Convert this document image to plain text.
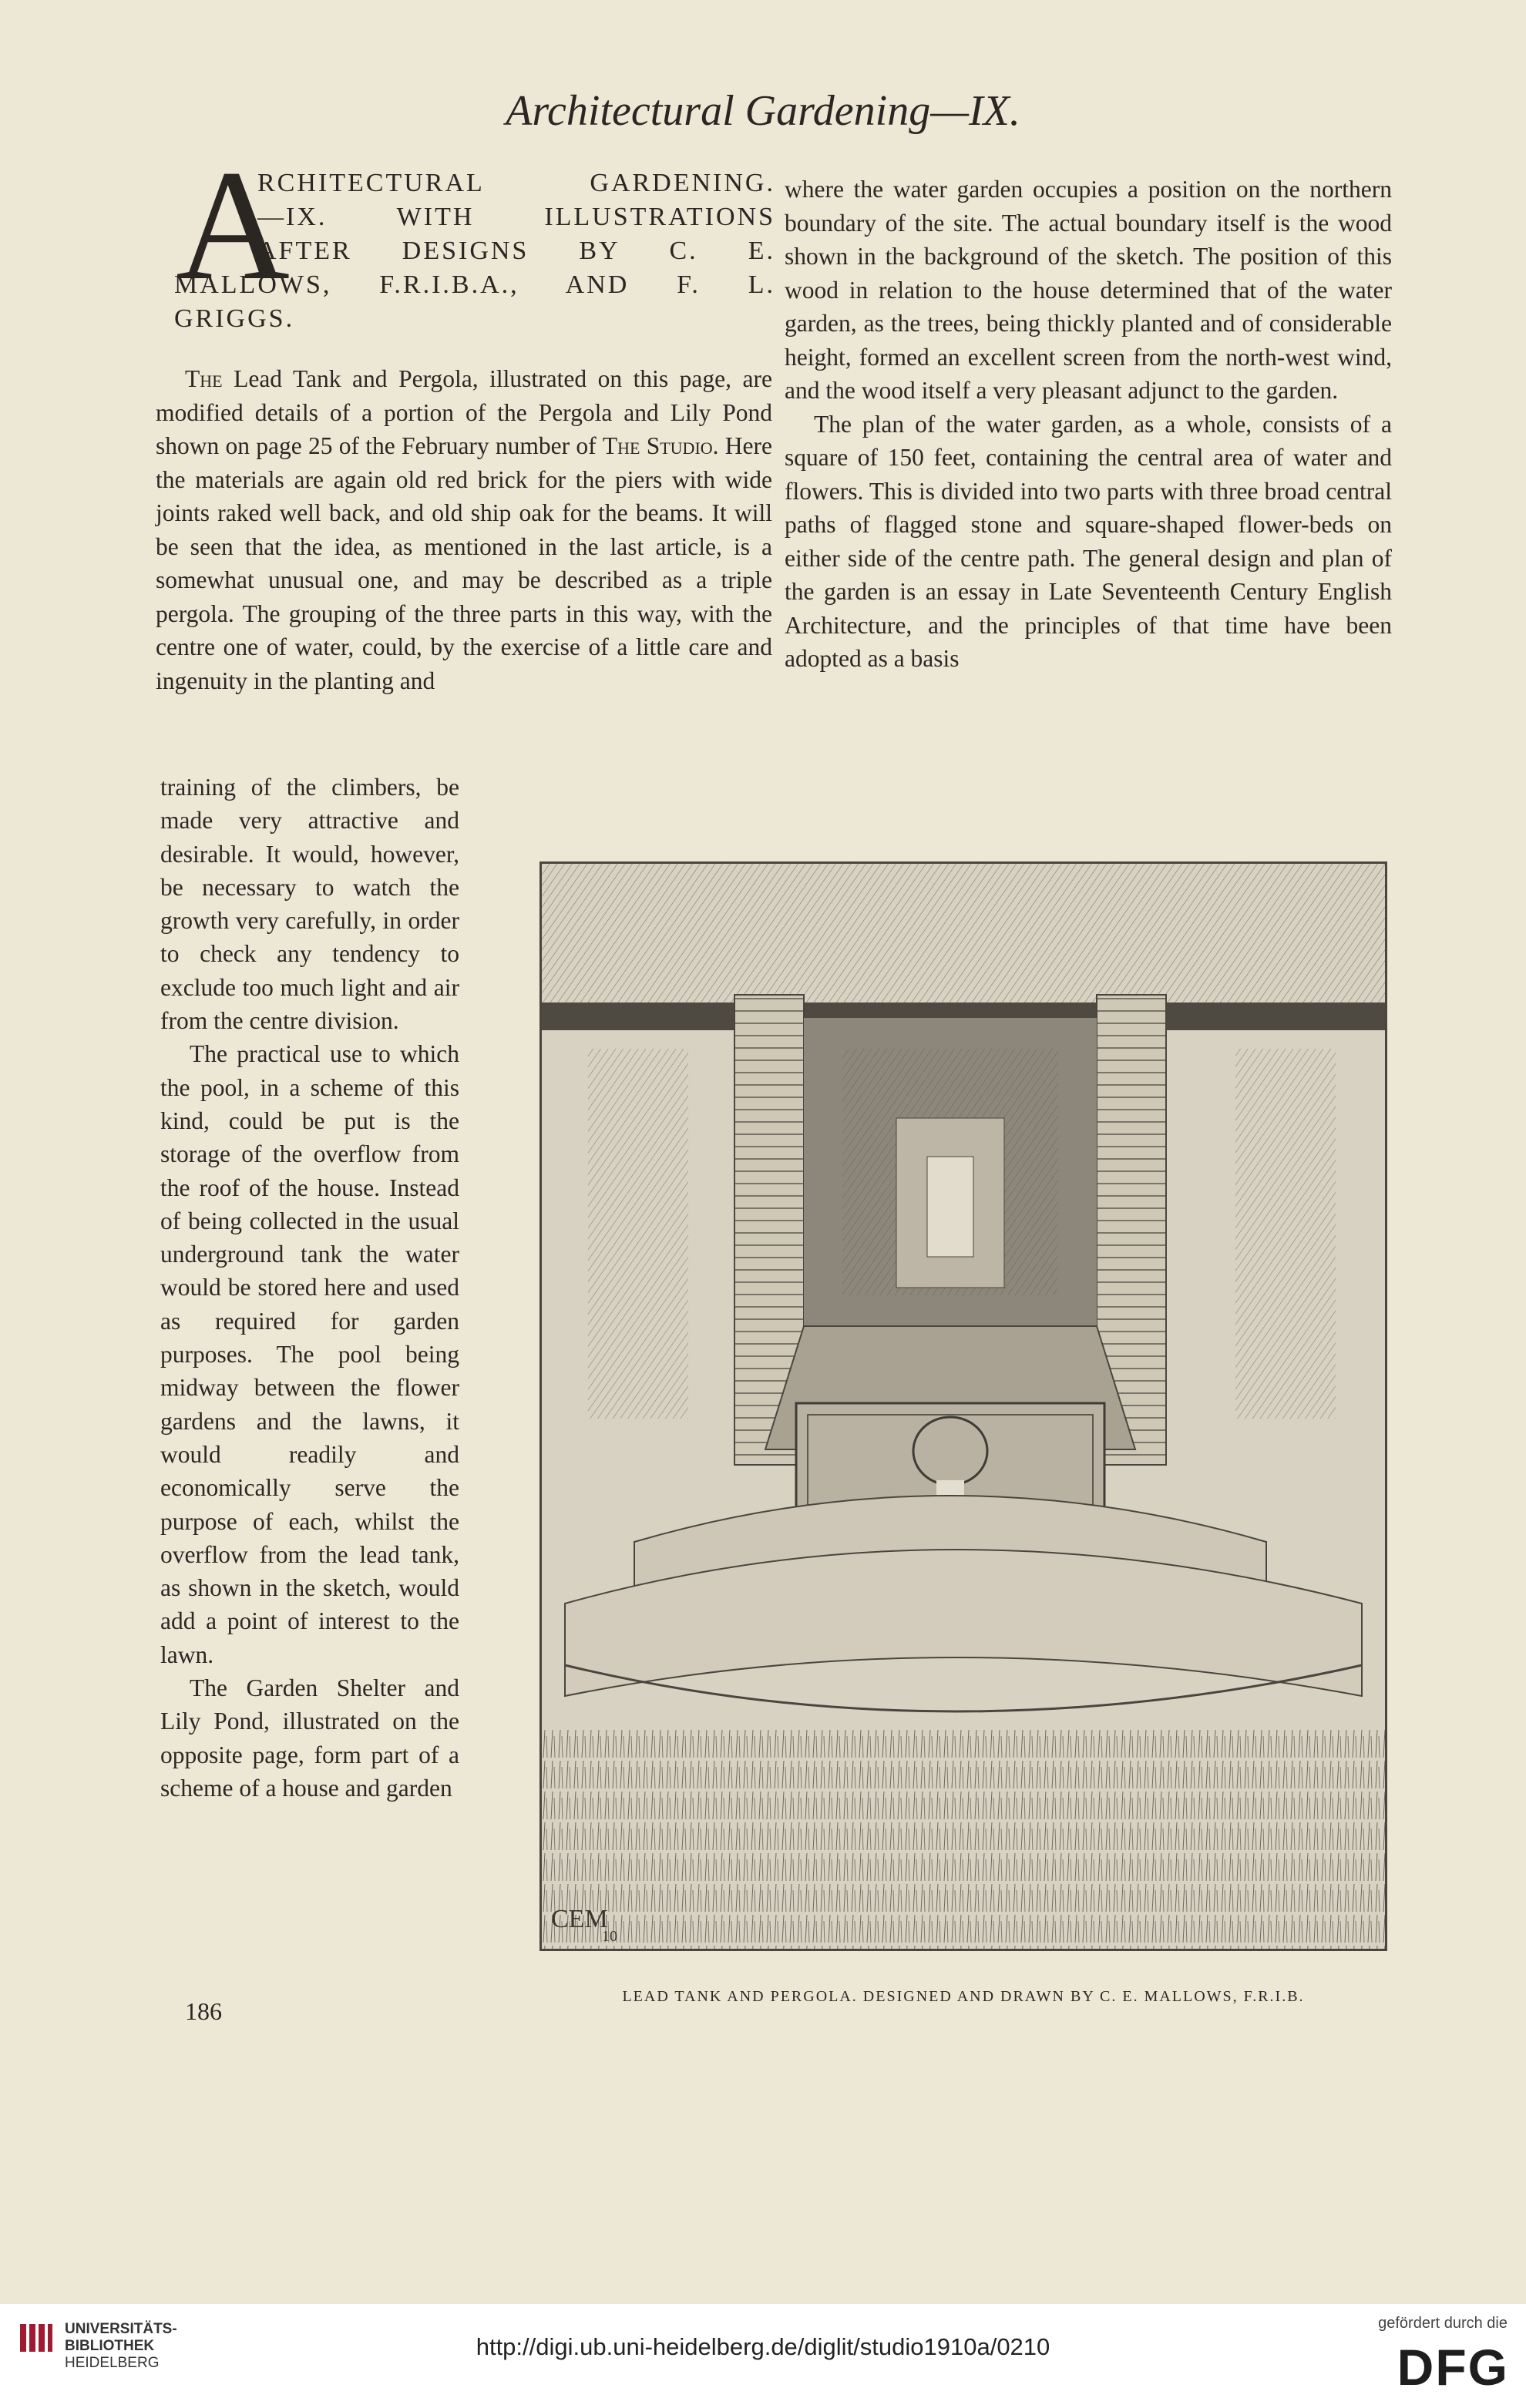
Architectural Gardening—IX.
A
RCHITECTURAL GARDENING.
—IX. WITH ILLUSTRATIONS
AFTER DESIGNS BY C. E.
MALLOWS, F.R.I.B.A., AND F. L.
GRIGGS.

The Lead Tank and Pergola, illustrated on this page, are modified details of a portion of the Pergola and Lily Pond shown on page 25 of the February number of The Studio. Here the materials are again old red brick for the piers with wide joints raked well back, and old ship oak for the beams. It will be seen that the idea, as mentioned in the last article, is a somewhat unusual one, and may be described as a triple pergola. The grouping of the three parts in this way, with the centre one of water, could, by the exercise of a little care and ingenuity in the planting and

training of the climbers, be made very attractive and desirable. It would, however, be necessary to watch the growth very carefully, in order to check any tendency to exclude too much light and air from the centre division.

The practical use to which the pool, in a scheme of this kind, could be put is the storage of the overflow from the roof of the house. Instead of being collected in the usual underground tank the water would be stored here and used as required for garden purposes. The pool being midway between the flower gardens and the lawns, it would readily and economically serve the purpose of each, whilst the overflow from the lead tank, as shown in the sketch, would add a point of interest to the lawn.

The Garden Shelter and Lily Pond, illustrated on the opposite page, form part of a scheme of a house and garden

where the water garden occupies a position on the northern boundary of the site. The actual boundary itself is the wood shown in the background of the sketch. The position of this wood in relation to the house determined that of the water garden, as the trees, being thickly planted and of considerable height, formed an excellent screen from the north-west wind, and the wood itself a very pleasant adjunct to the garden.

The plan of the water garden, as a whole, consists of a square of 150 feet, containing the central area of water and flowers. This is divided into two parts with three broad central paths of flagged stone and square-shaped flower-beds on either side of the centre path. The general design and plan of the garden is an essay in Late Seventeenth Century English Architecture, and the principles of that time have been adopted as a basis

CEM
10
LEAD TANK AND PERGOLA. DESIGNED AND DRAWN BY C. E. MALLOWS, F.R.I.B.
186
UNIVERSITÄTS-
BIBLIOTHEK
HEIDELBERG
http://digi.ub.uni-heidelberg.de/diglit/studio1910a/0210
gefördert durch die
DFG
